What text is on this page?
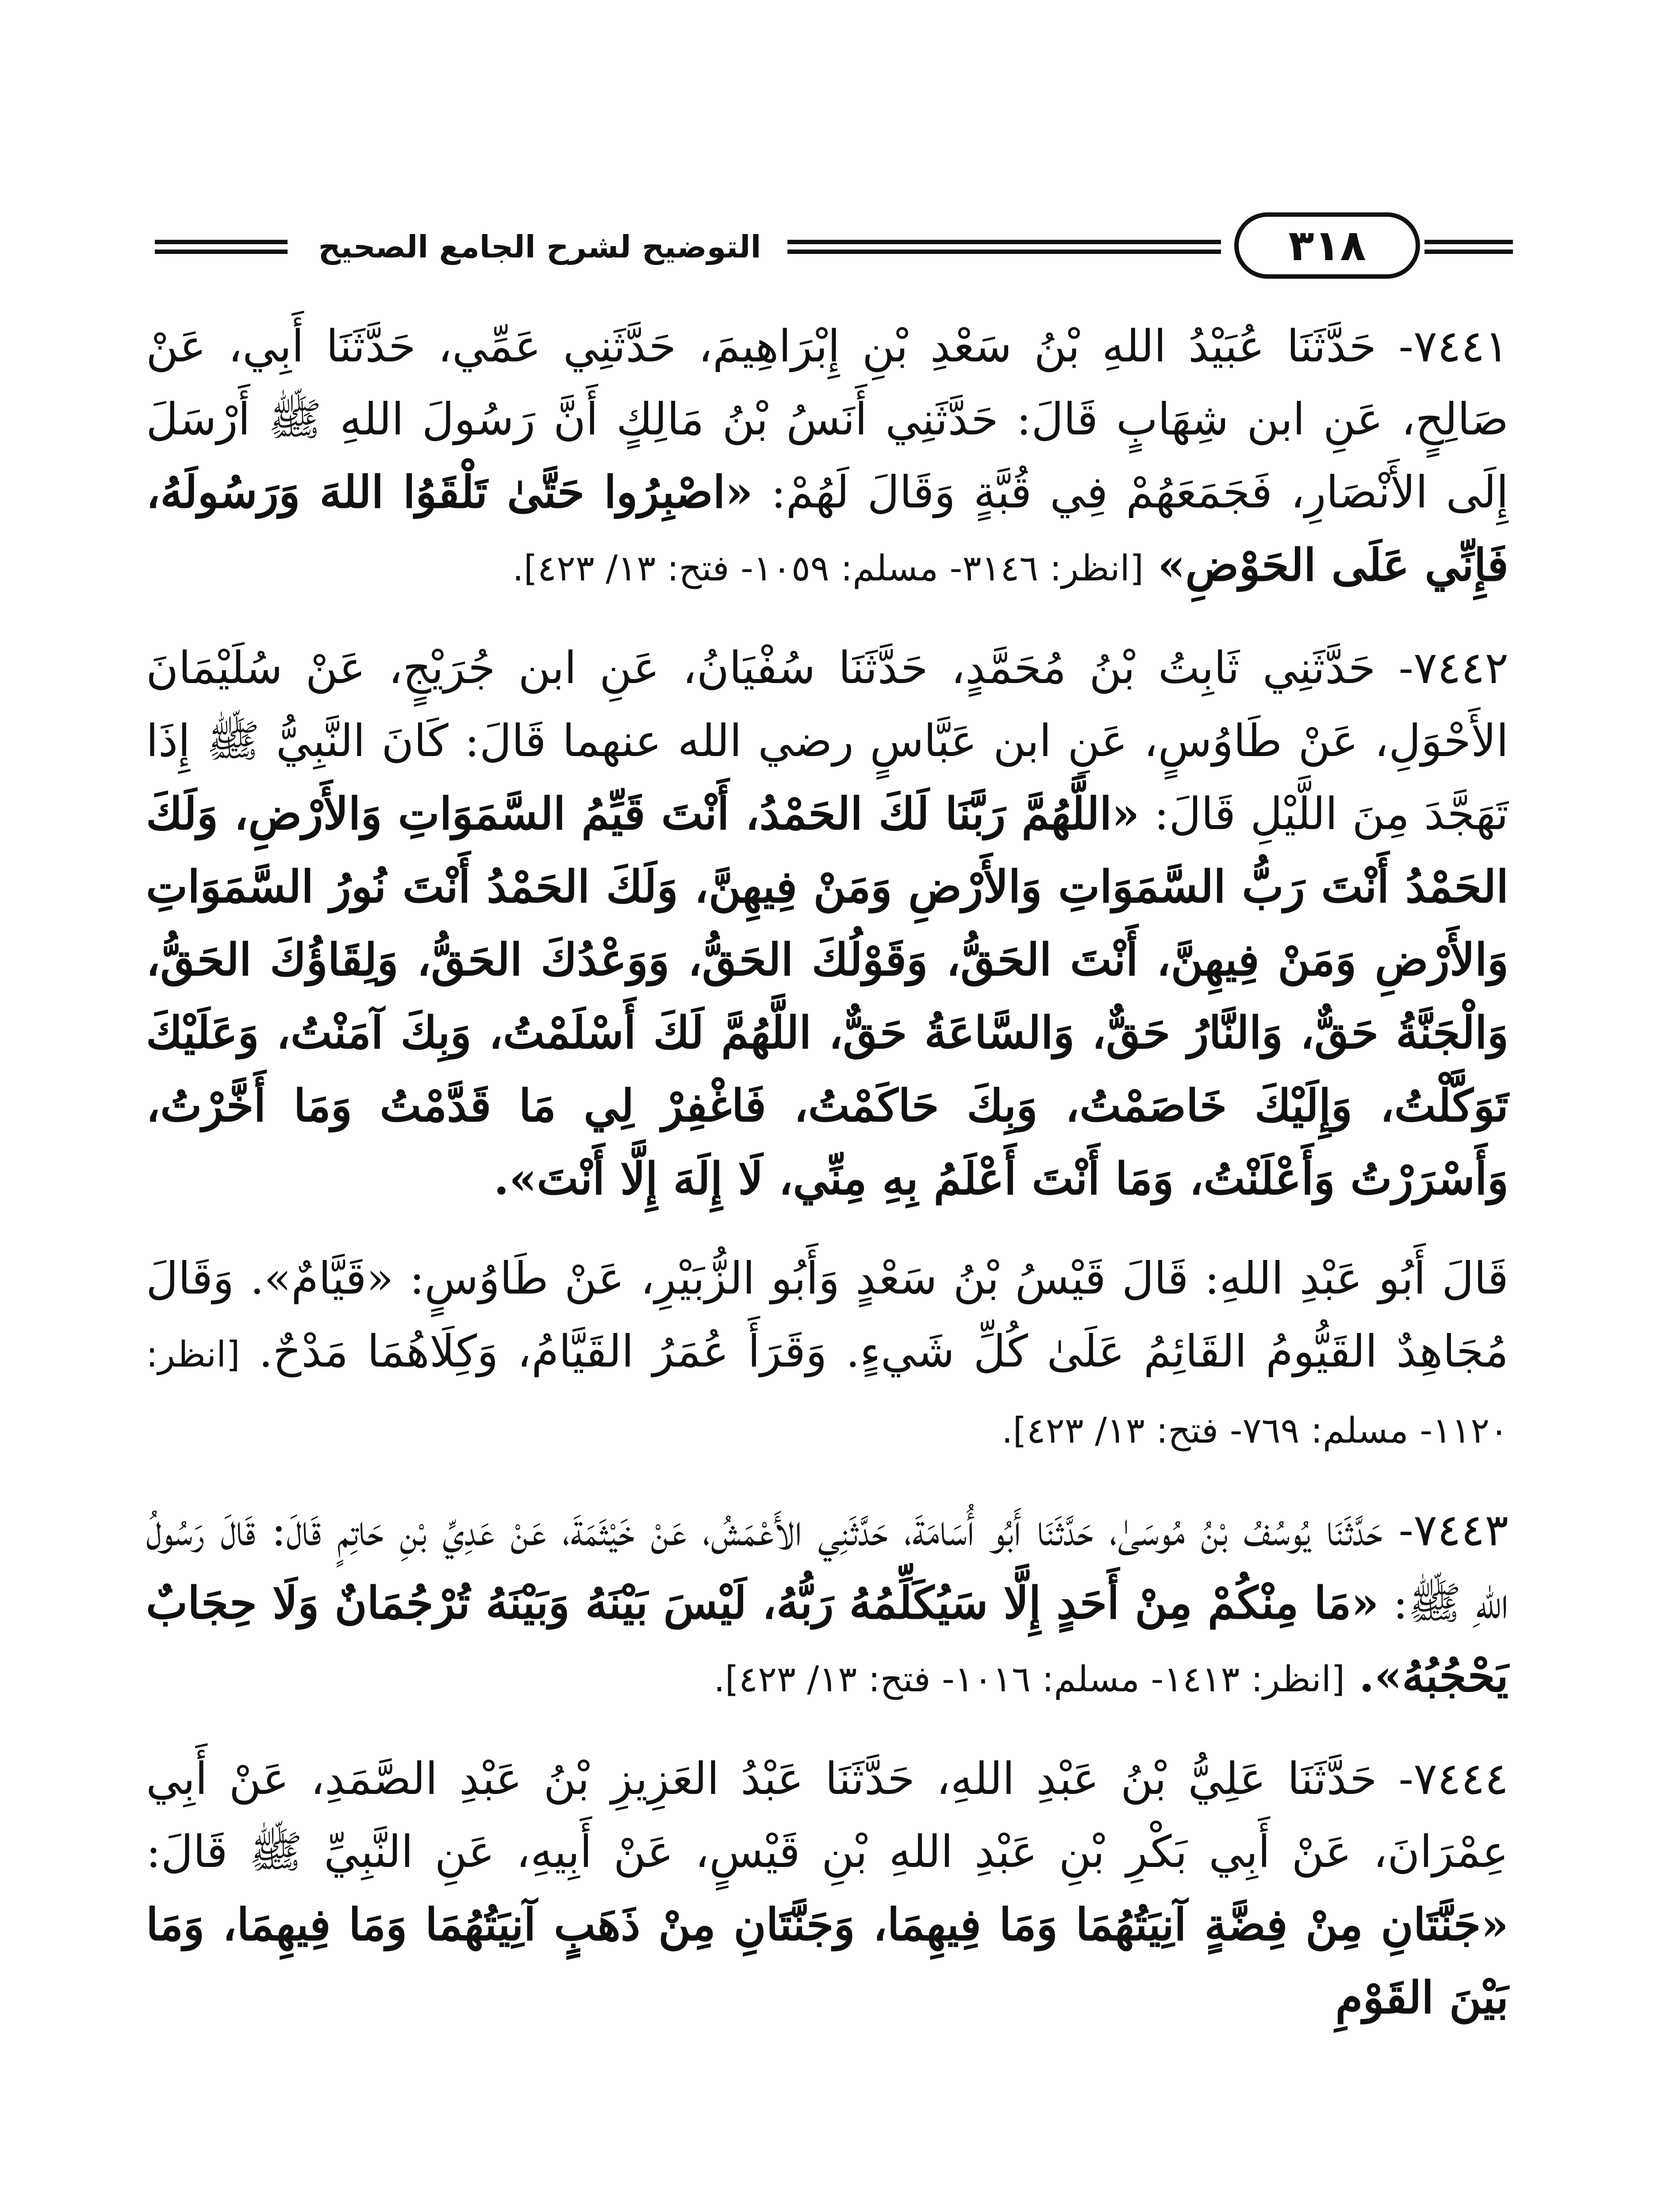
التوضيح لشرح الجامع الصحيح	٣١٨

٧٤٤١- حَدَّثَنَا عُبَيْدُ اللهِ بْنُ سَعْدِ بْنِ إِبْرَاهِيمَ، حَدَّثَنِي عَمِّي، حَدَّثَنَا أَبِي، عَنْ صَالِحٍ، عَنِ ابن شِهَابٍ قَالَ: حَدَّثَنِي أَنَسُ بْنُ مَالِكٍ أَنَّ رَسُولَ اللهِ ﷺ أَرْسَلَ إِلَى الأَنْصَارِ، فَجَمَعَهُمْ فِي قُبَّةٍ وَقَالَ لَهُمْ: «اصْبِرُوا حَتَّىٰ تَلْقَوُا اللهَ وَرَسُولَهُ، فَإِنِّي عَلَى الحَوْضِ» [انظر: ٣١٤٦- مسلم: ١٠٥٩- فتح: ١٣/ ٤٢٣].

٧٤٤٢- حَدَّثَنِي ثَابِتُ بْنُ مُحَمَّدٍ، حَدَّثَنَا سُفْيَانُ، عَنِ ابن جُرَيْجٍ، عَنْ سُلَيْمَانَ الأَحْوَلِ، عَنْ طَاوُسٍ، عَنِ ابن عَبَّاسٍ رضي الله عنهما قَالَ: كَانَ النَّبِيُّ ﷺ إِذَا تَهَجَّدَ مِنَ اللَّيْلِ قَالَ: «اللَّهُمَّ رَبَّنَا لَكَ الحَمْدُ، أَنْتَ قَيِّمُ السَّمَوَاتِ وَالأَرْضِ، وَلَكَ الحَمْدُ أَنْتَ رَبُّ السَّمَوَاتِ وَالأَرْضِ وَمَنْ فِيهِنَّ، وَلَكَ الحَمْدُ أَنْتَ نُورُ السَّمَوَاتِ وَالأَرْضِ وَمَنْ فِيهِنَّ، أَنْتَ الحَقُّ، وَقَوْلُكَ الحَقُّ، وَوَعْدُكَ الحَقُّ، وَلِقَاؤُكَ الحَقُّ، وَالْجَنَّةُ حَقٌّ، وَالنَّارُ حَقٌّ، وَالسَّاعَةُ حَقٌّ، اللَّهُمَّ لَكَ أَسْلَمْتُ، وَبِكَ آمَنْتُ، وَعَلَيْكَ تَوَكَّلْتُ، وَإِلَيْكَ خَاصَمْتُ، وَبِكَ حَاكَمْتُ، فَاغْفِرْ لِي مَا قَدَّمْتُ وَمَا أَخَّرْتُ، وَأَسْرَرْتُ وَأَعْلَنْتُ، وَمَا أَنْتَ أَعْلَمُ بِهِ مِنِّي، لَا إِلَهَ إِلَّا أَنْتَ».

قَالَ أَبُو عَبْدِ اللهِ: قَالَ قَيْسُ بْنُ سَعْدٍ وَأَبُو الزُّبَيْرِ، عَنْ طَاوُسٍ: «قَيَّامٌ». وَقَالَ مُجَاهِدٌ القَيُّومُ القَائِمُ عَلَىٰ كُلِّ شَيءٍ. وَقَرَأَ عُمَرُ القَيَّامُ، وَكِلَاهُمَا مَدْحٌ. [انظر: ١١٢٠- مسلم: ٧٦٩- فتح: ١٣/ ٤٢٣].

٧٤٤٣- حَدَّثَنَا يُوسُفُ بْنُ مُوسَىٰ، حَدَّثَنَا أَبُو أُسَامَةَ، حَدَّثَنِي الأَعْمَشُ، عَنْ خَيْثَمَةَ، عَنْ عَدِيِّ بْنِ حَاتِمٍ قَالَ: قَالَ رَسُولُ اللهِ ﷺ: «مَا مِنْكُمْ مِنْ أَحَدٍ إِلَّا سَيُكَلِّمُهُ رَبُّهُ، لَيْسَ بَيْنَهُ وَبَيْنَهُ تُرْجُمَانٌ وَلَا حِجَابٌ يَحْجُبُهُ». [انظر: ١٤١٣- مسلم: ١٠١٦- فتح: ١٣/ ٤٢٣].

٧٤٤٤- حَدَّثَنَا عَلِيُّ بْنُ عَبْدِ اللهِ، حَدَّثَنَا عَبْدُ العَزِيزِ بْنُ عَبْدِ الصَّمَدِ، عَنْ أَبِي عِمْرَانَ، عَنْ أَبِي بَكْرِ بْنِ عَبْدِ اللهِ بْنِ قَيْسٍ، عَنْ أَبِيهِ، عَنِ النَّبِيِّ ﷺ قَالَ: «جَنَّتَانِ مِنْ فِضَّةٍ آنِيَتُهُمَا وَمَا فِيهِمَا، وَجَنَّتَانِ مِنْ ذَهَبٍ آنِيَتُهُمَا وَمَا فِيهِمَا، وَمَا بَيْنَ القَوْمِ
